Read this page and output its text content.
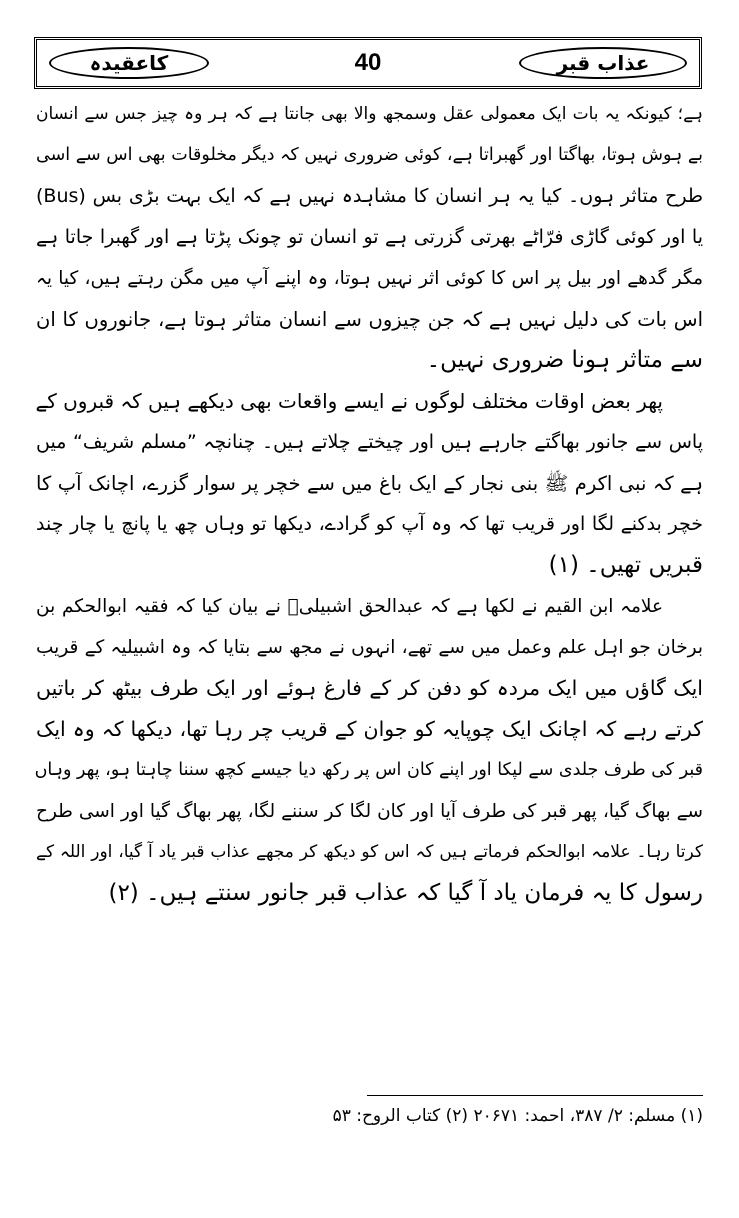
عذاب قبر
40
کاعقیدہ
ہے؛ کیونکہ یہ بات ایک معمولی عقل وسمجھ والا بھی جانتا ہے کہ ہر وہ چیز جس سے انسان
بے ہوش ہوتا، بھاگتا اور گھبراتا ہے، کوئی ضروری نہیں کہ دیگر مخلوقات بھی اس سے اسی
طرح متاثر ہوں۔ کیا یہ ہر انسان کا مشاہدہ نہیں ہے کہ ایک بہت بڑی بس (Bus)
یا اور کوئی گاڑی فرّاٹے بھرتی گزرتی ہے تو انسان تو چونک پڑتا ہے اور گھبرا جاتا ہے
مگر گدھے اور بیل پر اس کا کوئی اثر نہیں ہوتا، وہ اپنے آپ میں مگن رہتے ہیں، کیا یہ
اس بات کی دلیل نہیں ہے کہ جن چیزوں سے انسان متاثر ہوتا ہے، جانوروں کا ان
سے متاثر ہونا ضروری نہیں۔
پھر بعض اوقات مختلف لوگوں نے ایسے واقعات بھی دیکھے ہیں کہ قبروں کے
پاس سے جانور بھاگتے جارہے ہیں اور چیختے چلاتے ہیں۔ چنانچہ ”مسلم شریف“ میں
ہے کہ نبی اکرم ﷺ بنی نجار کے ایک باغ میں سے خچر پر سوار گزرے، اچانک آپ کا
خچر بدکنے لگا اور قریب تھا کہ وہ آپ کو گرادے، دیکھا تو وہاں چھ یا پانچ یا چار چند
قبریں تھیں۔ (۱)
علامہ ابن القیم نے لکھا ہے کہ عبدالحق اشبیلیؒ نے بیان کیا کہ فقیہ ابوالحکم بن
برخان جو اہل علم وعمل میں سے تھے، انہوں نے مجھ سے بتایا کہ وہ اشبیلیہ کے قریب
ایک گاؤں میں ایک مردہ کو دفن کر کے فارغ ہوئے اور ایک طرف بیٹھ کر باتیں
کرتے رہے کہ اچانک ایک چوپایہ کو جوان کے قریب چر رہا تھا، دیکھا کہ وہ ایک
قبر کی طرف جلدی سے لپکا اور اپنے کان اس پر رکھ دیا جیسے کچھ سننا چاہتا ہو، پھر وہاں
سے بھاگ گیا، پھر قبر کی طرف آیا اور کان لگا کر سننے لگا، پھر بھاگ گیا اور اسی طرح
کرتا رہا۔ علامہ ابوالحکم فرماتے ہیں کہ اس کو دیکھ کر مجھے عذاب قبر یاد آ گیا، اور اللہ کے
رسول کا یہ فرمان یاد آ گیا کہ عذاب قبر جانور سنتے ہیں۔ (۲)
(۱) مسلم: ۲/ ۳۸۷، احمد: ۲۰۶۷۱ (۲) کتاب الروح: ۵۳
